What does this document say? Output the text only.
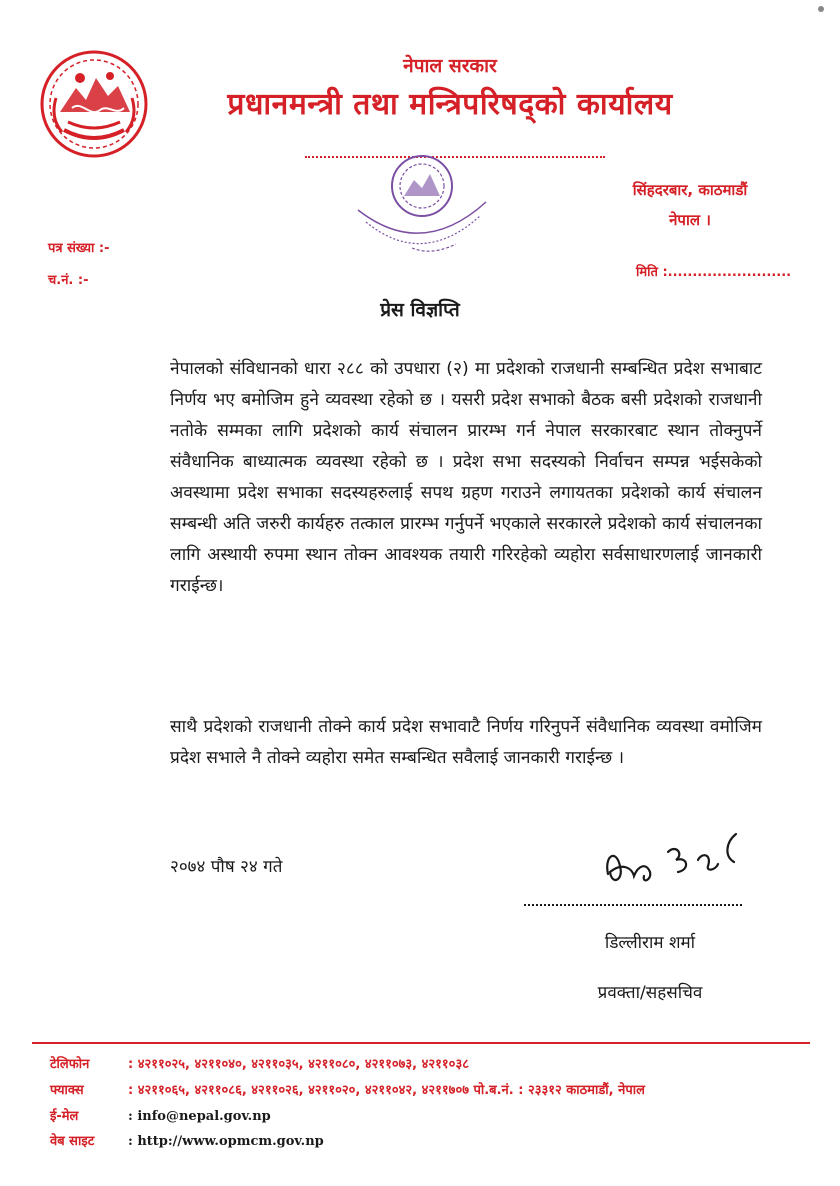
नेपाल सरकार
प्रधानमन्त्री तथा मन्त्रिपरिषद्को कार्यालय
सिंहदरबार, काठमाडौं
नेपाल ।
पत्र संख्या :-
च.नं. :-
मिति :.........................
प्रेस विज्ञप्ति
नेपालको संविधानको धारा २८८ को उपधारा (२) मा प्रदेशको राजधानी सम्बन्धित प्रदेश सभाबाट निर्णय भए बमोजिम हुने व्यवस्था रहेको छ । यसरी प्रदेश सभाको बैठक बसी प्रदेशको राजधानी नतोके सम्मका लागि प्रदेशको कार्य संचालन प्रारम्भ गर्न नेपाल सरकारबाट स्थान तोक्नुपर्ने संवैधानिक बाध्यात्मक व्यवस्था रहेको छ । प्रदेश सभा सदस्यको निर्वाचन सम्पन्न भईसकेको अवस्थामा प्रदेश सभाका सदस्यहरुलाई सपथ ग्रहण गराउने लगायतका प्रदेशको कार्य संचालन सम्बन्धी अति जरुरी कार्यहरु तत्काल प्रारम्भ गर्नुपर्ने भएकाले सरकारले प्रदेशको कार्य संचालनका लागि अस्थायी रुपमा स्थान तोक्न आवश्यक तयारी गरिरहेको व्यहोरा सर्वसाधारणलाई जानकारी गराईन्छ।
साथै प्रदेशको राजधानी तोक्ने कार्य प्रदेश सभावाटै निर्णय गरिनुपर्ने संवैधानिक व्यवस्था वमोजिम प्रदेश सभाले नै तोक्ने व्यहोरा समेत सम्बन्धित सवैलाई जानकारी गराईन्छ ।
२०७४ पौष २४ गते
डिल्लीराम शर्मा
प्रवक्ता/सहसचिव
टेलिफोन	: ४२११०२५, ४२११०४०, ४२११०३५, ४२११०८०, ४२११०७३, ४२११०३८
फ्याक्स	: ४२११०६५, ४२११०८६, ४२११०२६, ४२११०२०, ४२११०४२, ४२११७०७ पो.ब.नं. : २३३१२ काठमाडौं, नेपाल
ई-मेल	: info@nepal.gov.np
वेब साइट	: http://www.opmcm.gov.np
